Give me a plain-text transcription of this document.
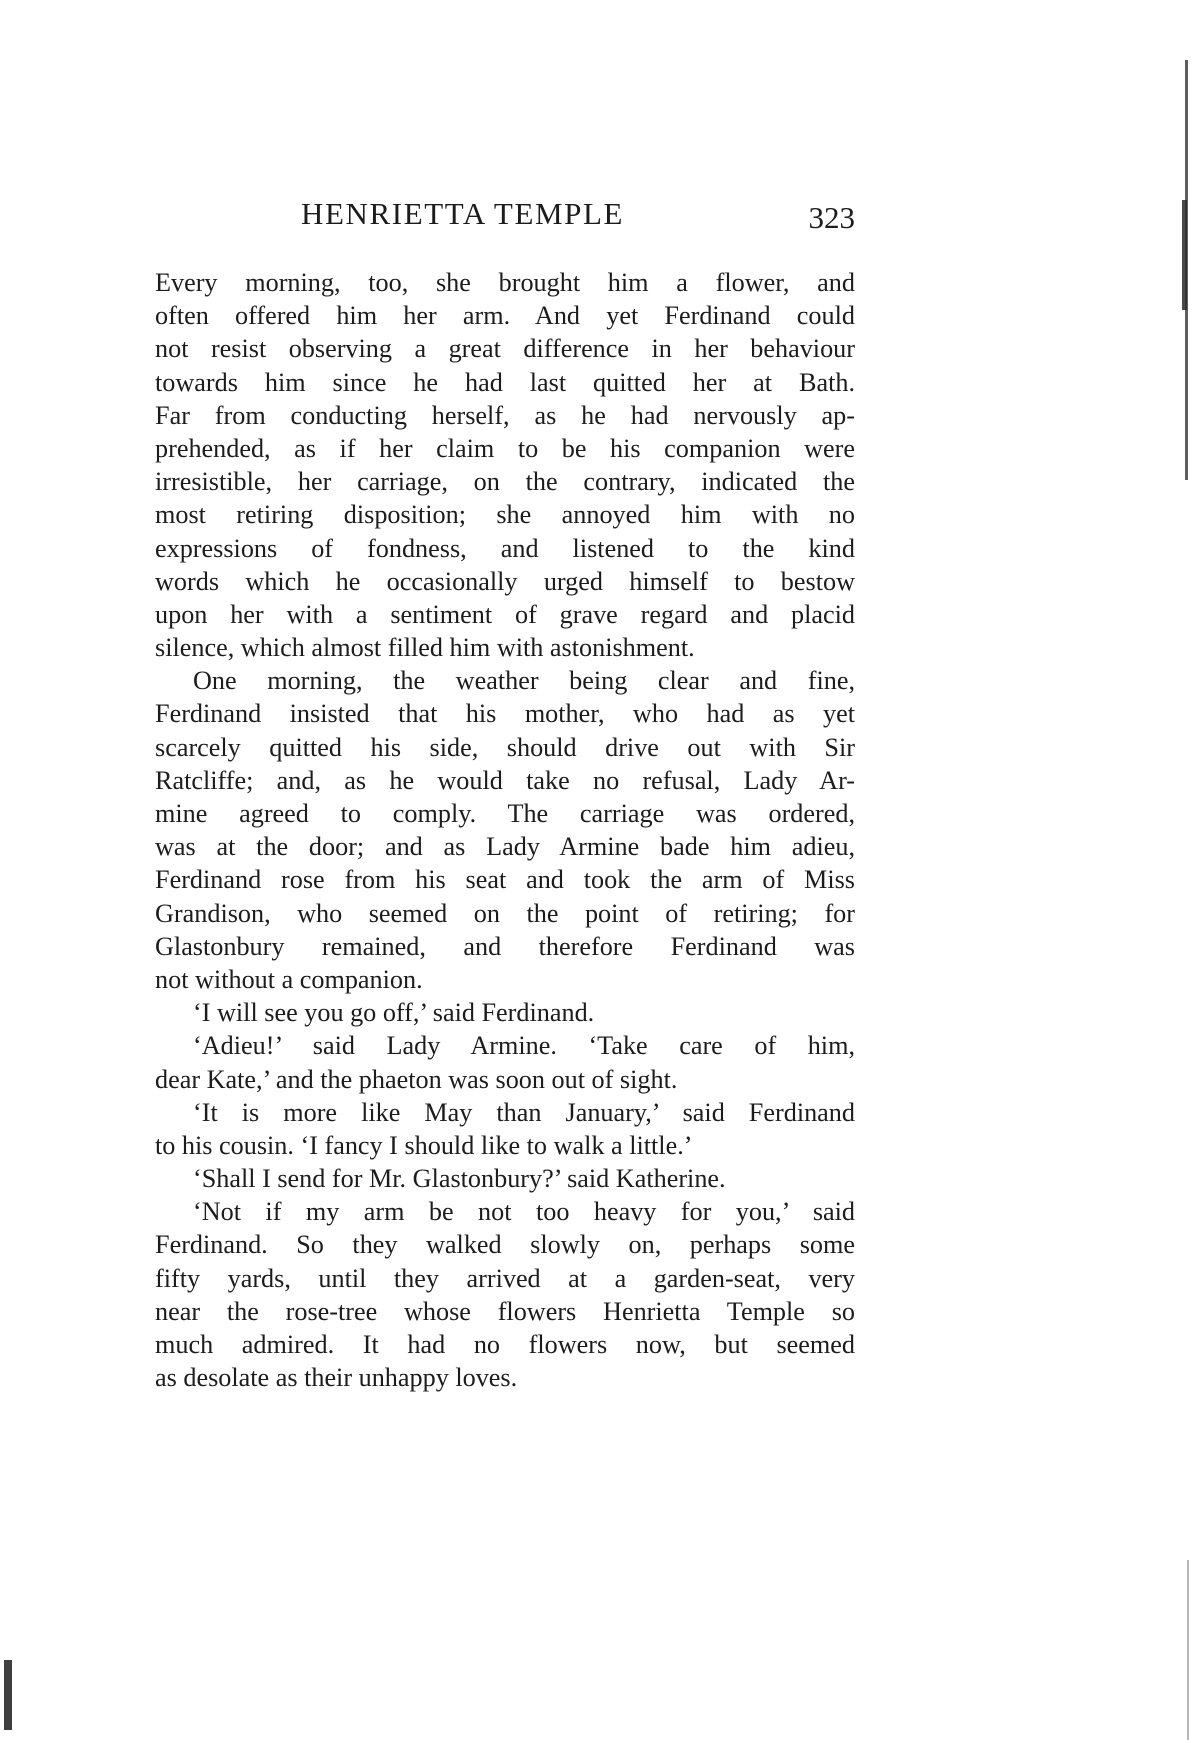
HENRIETTA TEMPLE	323
Every morning, too, she brought him a flower, and
often offered him her arm. And yet Ferdinand could
not resist observing a great difference in her behaviour
towards him since he had last quitted her at Bath.
Far from conducting herself, as he had nervously ap-
prehended, as if her claim to be his companion were
irresistible, her carriage, on the contrary, indicated the
most retiring disposition; she annoyed him with no
expressions of fondness, and listened to the kind
words which he occasionally urged himself to bestow
upon her with a sentiment of grave regard and placid
silence, which almost filled him with astonishment.
One morning, the weather being clear and fine,
Ferdinand insisted that his mother, who had as yet
scarcely quitted his side, should drive out with Sir
Ratcliffe; and, as he would take no refusal, Lady Ar-
mine agreed to comply. The carriage was ordered,
was at the door; and as Lady Armine bade him adieu,
Ferdinand rose from his seat and took the arm of Miss
Grandison, who seemed on the point of retiring; for
Glastonbury remained, and therefore Ferdinand was
not without a companion.
‘I will see you go off,’ said Ferdinand.
‘Adieu!’ said Lady Armine. ‘Take care of him,
dear Kate,’ and the phaeton was soon out of sight.
‘It is more like May than January,’ said Ferdinand
to his cousin. ‘I fancy I should like to walk a little.’
‘Shall I send for Mr. Glastonbury?’ said Katherine.
‘Not if my arm be not too heavy for you,’ said
Ferdinand. So they walked slowly on, perhaps some
fifty yards, until they arrived at a garden-seat, very
near the rose-tree whose flowers Henrietta Temple so
much admired. It had no flowers now, but seemed
as desolate as their unhappy loves.
